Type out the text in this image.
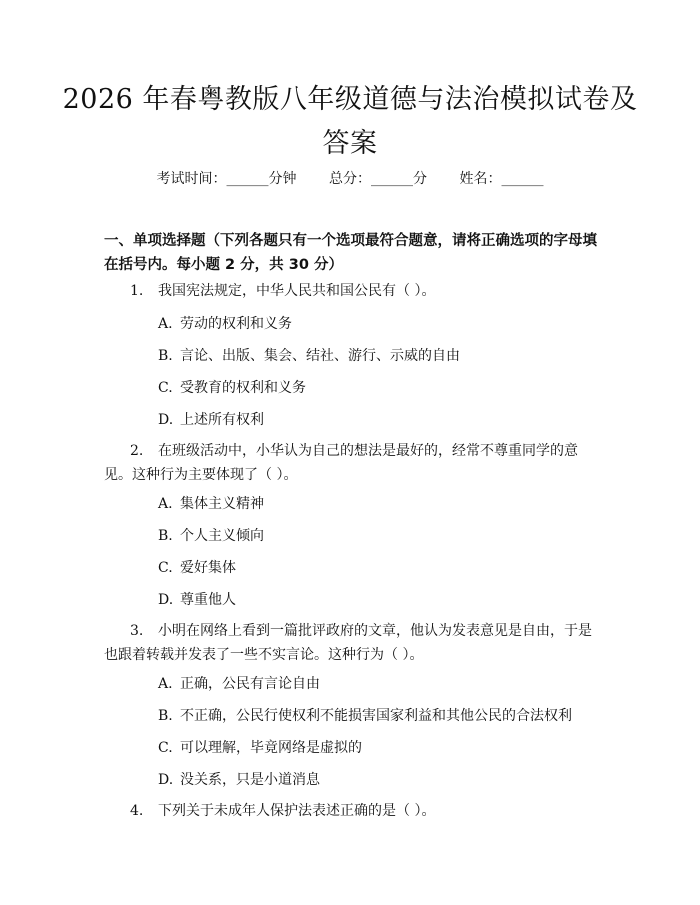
2026 年春粤教版八年级道德与法治模拟试卷及答案
考试时间：______分钟 总分：______分 姓名：______
一、单项选择题（下列各题只有一个选项最符合题意，请将正确选项的字母填在括号内。每小题 2 分，共 30 分）
1. 我国宪法规定，中华人民共和国公民有（ ）。
A. 劳动的权利和义务
B. 言论、出版、集会、结社、游行、示威的自由
C. 受教育的权利和义务
D. 上述所有权利
2. 在班级活动中，小华认为自己的想法是最好的，经常不尊重同学的意见。这种行为主要体现了（ ）。
A. 集体主义精神
B. 个人主义倾向
C. 爱好集体
D. 尊重他人
3. 小明在网络上看到一篇批评政府的文章，他认为发表意见是自由，于是也跟着转载并发表了一些不实言论。这种行为（ ）。
A. 正确，公民有言论自由
B. 不正确，公民行使权利不能损害国家利益和其他公民的合法权利
C. 可以理解，毕竟网络是虚拟的
D. 没关系，只是小道消息
4. 下列关于未成年人保护法表述正确的是（ ）。
